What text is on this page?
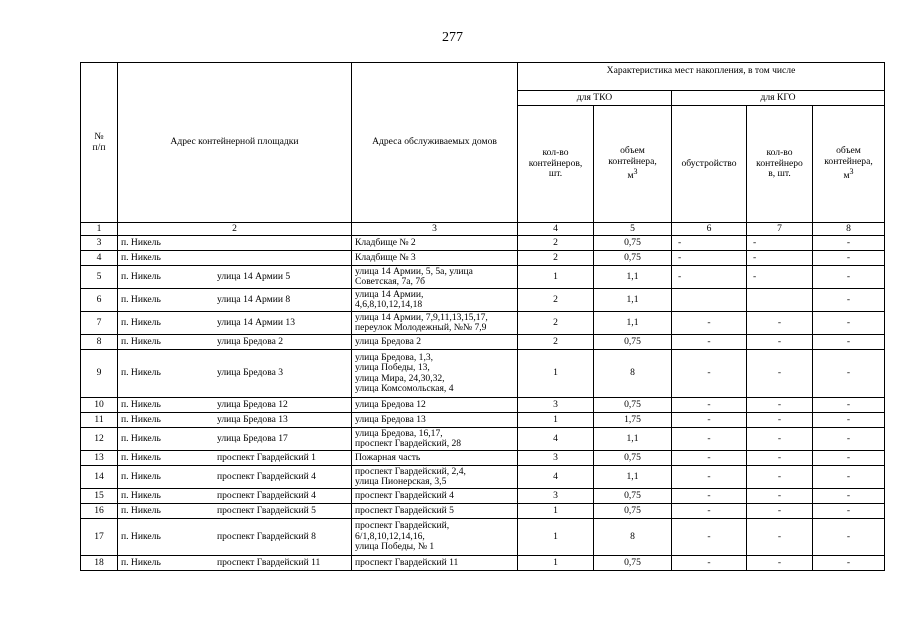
277
№
п/п	Адрес контейнерной площадки	Адреса обслуживаемых домов	Характеристика мест накопления, в том числе				
			для ТКО		для КГО		
			кол-во
контейнеров,
шт.	объем
контейнера,
$м^3$	обустройство	кол-во
контейнеро
в, шт.	объем
контейнера,
$м^3$
1	2	3	4	5	6	7	8
3	п. Никель	Кладбище № 2	2	0,75	-	-	-
4	п. Никель	Кладбище № 3	2	0,75	-	-	-
5	п. Никель улица 14 Армии 5	улица 14 Армии, 5, 5а, улица
Советская, 7а, 7б	1	1,1	-	-	-
6	п. Никель улица 14 Армии 8	улица 14 Армии,
4,6,8,10,12,14,18	2	1,1			-
7	п. Никель улица 14 Армии 13	улица 14 Армии, 7,9,11,13,15,17,
переулок Молодежный, №№ 7,9	2	1,1	-	-	-
8	п. Никель улица Бредова 2	улица Бредова 2	2	0,75	-	-	-
9	п. Никель улица Бредова 3	улица Бредова, 1,3,
улица Победы, 13,
улица Мира, 24,30,32,
улица Комсомольская, 4	1	8	-	-	-
10	п. Никель улица Бредова 12	улица Бредова 12	3	0,75	-	-	-
11	п. Никель улица Бредова 13	улица Бредова 13	1	1,75	-	-	-
12	п. Никель улица Бредова 17	улица Бредова, 16,17,
проспект Гвардейский, 28	4	1,1	-	-	-
13	п. Никель проспект Гвардейский 1	Пожарная часть	3	0,75	-	-	-
14	п. Никель проспект Гвардейский 4	проспект Гвардейский, 2,4,
улица Пионерская, 3,5	4	1,1	-	-	-
15	п. Никель проспект Гвардейский 4	проспект Гвардейский 4	3	0,75	-	-	-
16	п. Никель проспект Гвардейский 5	проспект Гвардейский 5	1	0,75	-	-	-
17	п. Никель проспект Гвардейский 8	проспект Гвардейский,
6/1,8,10,12,14,16,
улица Победы, № 1	1	8	-	-	-
18	п. Никель проспект Гвардейский 11	проспект Гвардейский 11	1	0,75	-	-	-
